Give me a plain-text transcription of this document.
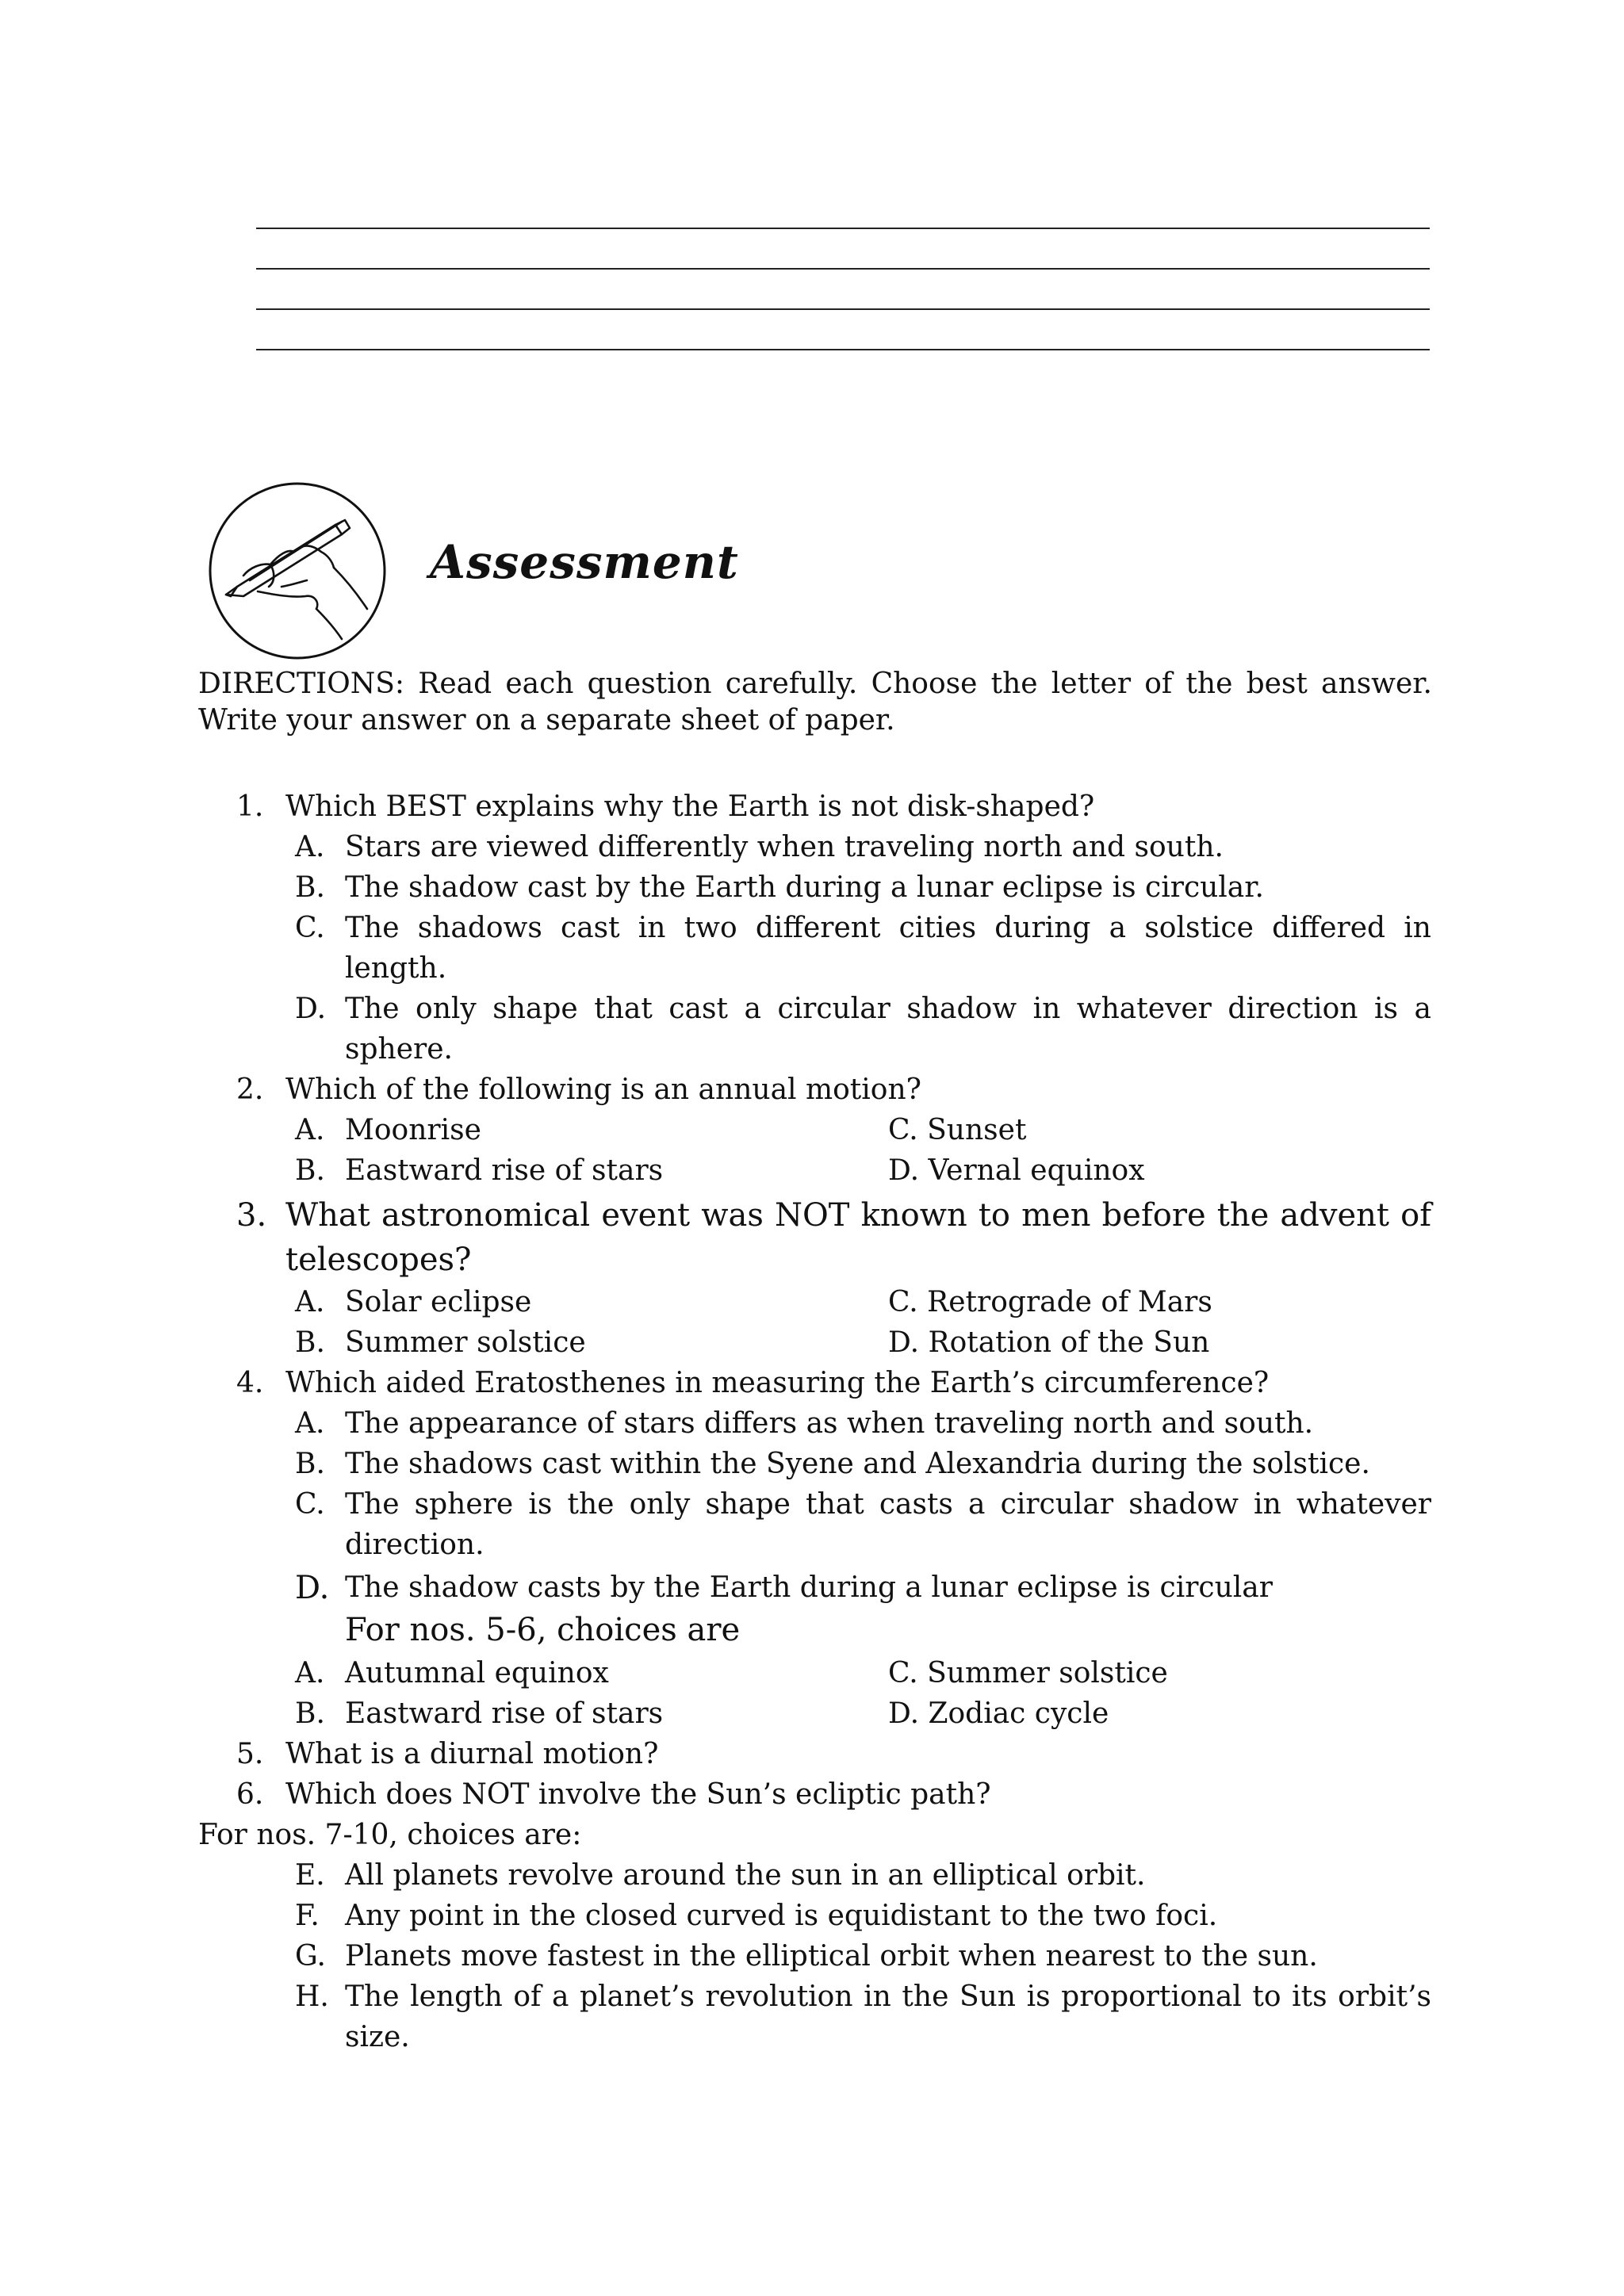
Assessment

DIRECTIONS: Read each question carefully. Choose the letter of the best answer. Write your answer on a separate sheet of paper.

1. Which BEST explains why the Earth is not disk-shaped?
A. Stars are viewed differently when traveling north and south.
B. The shadow cast by the Earth during a lunar eclipse is circular.
C. The shadows cast in two different cities during a solstice differed in
length.
D. The only shape that cast a circular shadow in whatever direction is a
sphere.
2. Which of the following is an annual motion?
A. Moonrise	C. Sunset
B. Eastward rise of stars	D. Vernal equinox
3. What astronomical event was NOT known to men before the advent of
telescopes?
A. Solar eclipse	C. Retrograde of Mars
B. Summer solstice	D. Rotation of the Sun
4. Which aided Eratosthenes in measuring the Earth’s circumference?
A. The appearance of stars differs as when traveling north and south.
B. The shadows cast within the Syene and Alexandria during the solstice.
C. The sphere is the only shape that casts a circular shadow in whatever
direction.
D. The shadow casts by the Earth during a lunar eclipse is circular
For nos. 5-6, choices are
A. Autumnal equinox	C. Summer solstice
B. Eastward rise of stars	D. Zodiac cycle
5. What is a diurnal motion?
6. Which does NOT involve the Sun’s ecliptic path?
For nos. 7-10, choices are:
E. All planets revolve around the sun in an elliptical orbit.
F. Any point in the closed curved is equidistant to the two foci.
G. Planets move fastest in the elliptical orbit when nearest to the sun.
H. The length of a planet’s revolution in the Sun is proportional to its orbit’s
size.
